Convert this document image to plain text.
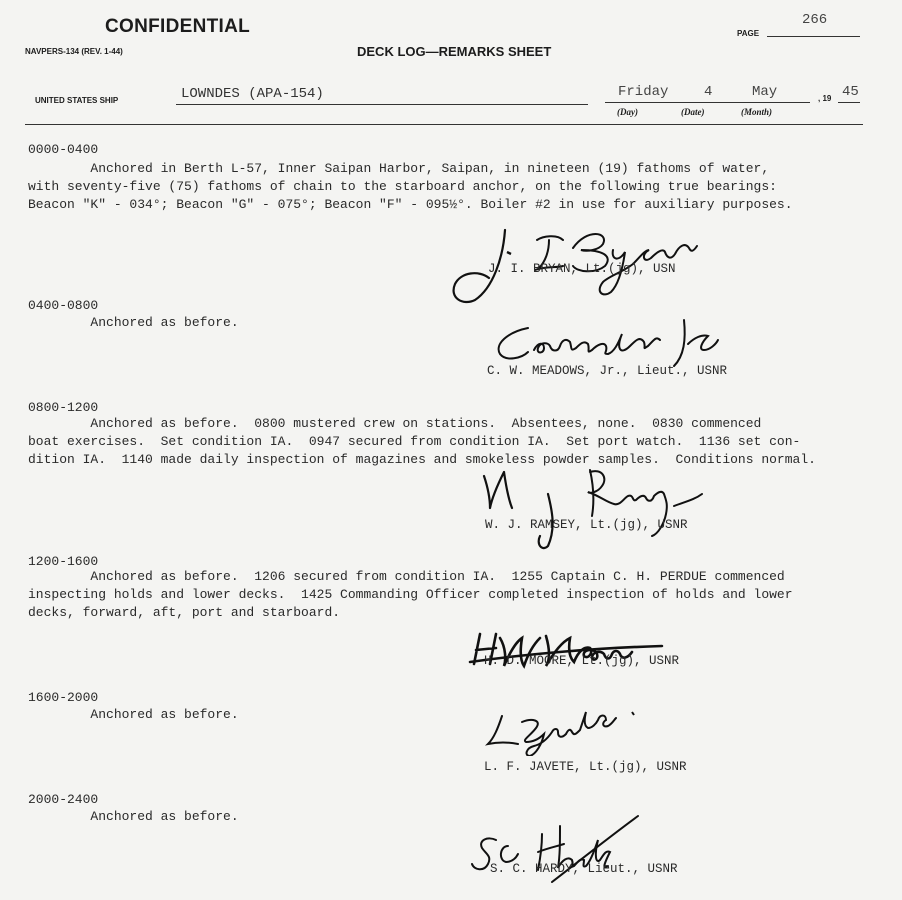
CONFIDENTIAL
NAVPERS-134 (REV. 1-44)	DECK LOG—REMARKS SHEET
PAGE
266
UNITED STATES SHIP	LOWNDES (APA-154)	Friday	4	May
(Day)	(Date)	(Month)
, 19 45
0000-0400
Anchored in Berth L-57, Inner Saipan Harbor, Saipan, in nineteen (19) fathoms of water,
with seventy-five (75) fathoms of chain to the starboard anchor, on the following true bearings:
Beacon "K" - 034°; Beacon "G" - 075°; Beacon "F" - 095½°. Boiler #2 in use for auxiliary purposes.
J. I. BRYAN, Lt.(jg), USN
0400-0800
Anchored as before.
C. W. MEADOWS, Jr., Lieut., USNR
0800-1200
Anchored as before.  0800 mustered crew on stations.  Absentees, none.  0830 commenced
boat exercises.  Set condition IA.  0947 secured from condition IA.  Set port watch.  1136 set con-
dition IA.  1140 made daily inspection of magazines and smokeless powder samples.  Conditions normal.
W. J. RAMSEY, Lt.(jg), USNR
1200-1600
Anchored as before.  1206 secured from condition IA.  1255 Captain C. H. PERDUE commenced
inspecting holds and lower decks.  1425 Commanding Officer completed inspection of holds and lower
decks, forward, aft, port and starboard.
H. D. MOORE, Lt.(jg), USNR
1600-2000
Anchored as before.
L. F. JAVETE, Lt.(jg), USNR
2000-2400
Anchored as before.
S. C. HARDY, Lieut., USNR
